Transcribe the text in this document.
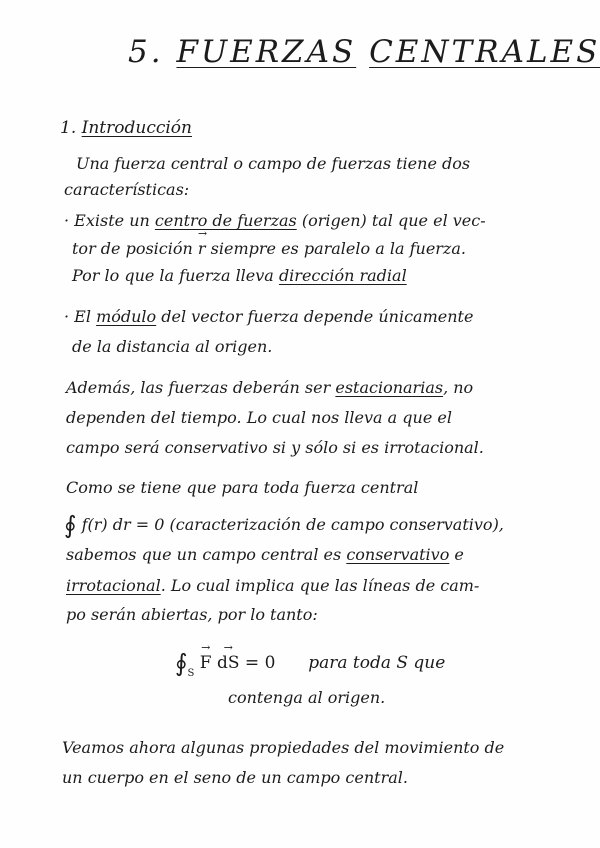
5. FUERZAS CENTRALES
1. Introducción
Una fuerza central o campo de fuerzas tiene dos
características:
· Existe un centro de fuerzas (origen) tal que el vec-
tor de posición → r siempre es paralelo a la fuerza.
Por lo que la fuerza lleva dirección radial
· El módulo del vector fuerza depende únicamente
de la distancia al origen.
Además, las fuerzas deberán ser estacionarias, no
dependen del tiempo. Lo cual nos lleva a que el
campo será conservativo si y sólo si es irrotacional.
Como se tiene que para toda fuerza central
∮ f(r) dr = 0 (caracterización de campo conservativo),
sabemos que un campo central es conservativo e
irrotacional. Lo cual implica que las líneas de cam-
po serán abiertas, por lo tanto:
$∮_S \to F$ → dS = 0 para toda S que
contenga al origen.
Veamos ahora algunas propiedades del movimiento de
un cuerpo en el seno de un campo central.
